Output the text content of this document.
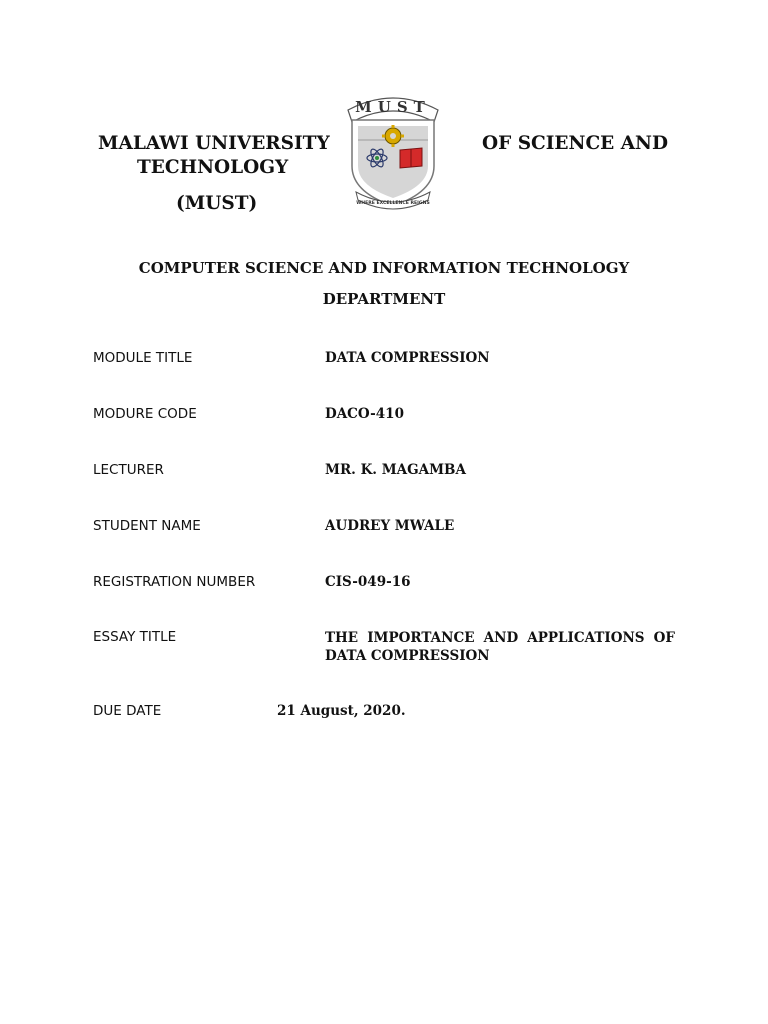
MALAWI UNIVERSITY	OF SCIENCE AND
TECHNOLOGY
(MUST)
MUST
WHERE EXCELLENCE REIGNS
COMPUTER SCIENCE AND INFORMATION TECHNOLOGY
DEPARTMENT
MODULE TITLE	DATA COMPRESSION
MODURE CODE	DACO-410
LECTURER	MR. K. MAGAMBA
STUDENT NAME	AUDREY MWALE
REGISTRATION NUMBER	CIS-049-16
ESSAY TITLE	THE IMPORTANCE AND APPLICATIONS OF DATA COMPRESSION
DUE DATE	21 August, 2020.
